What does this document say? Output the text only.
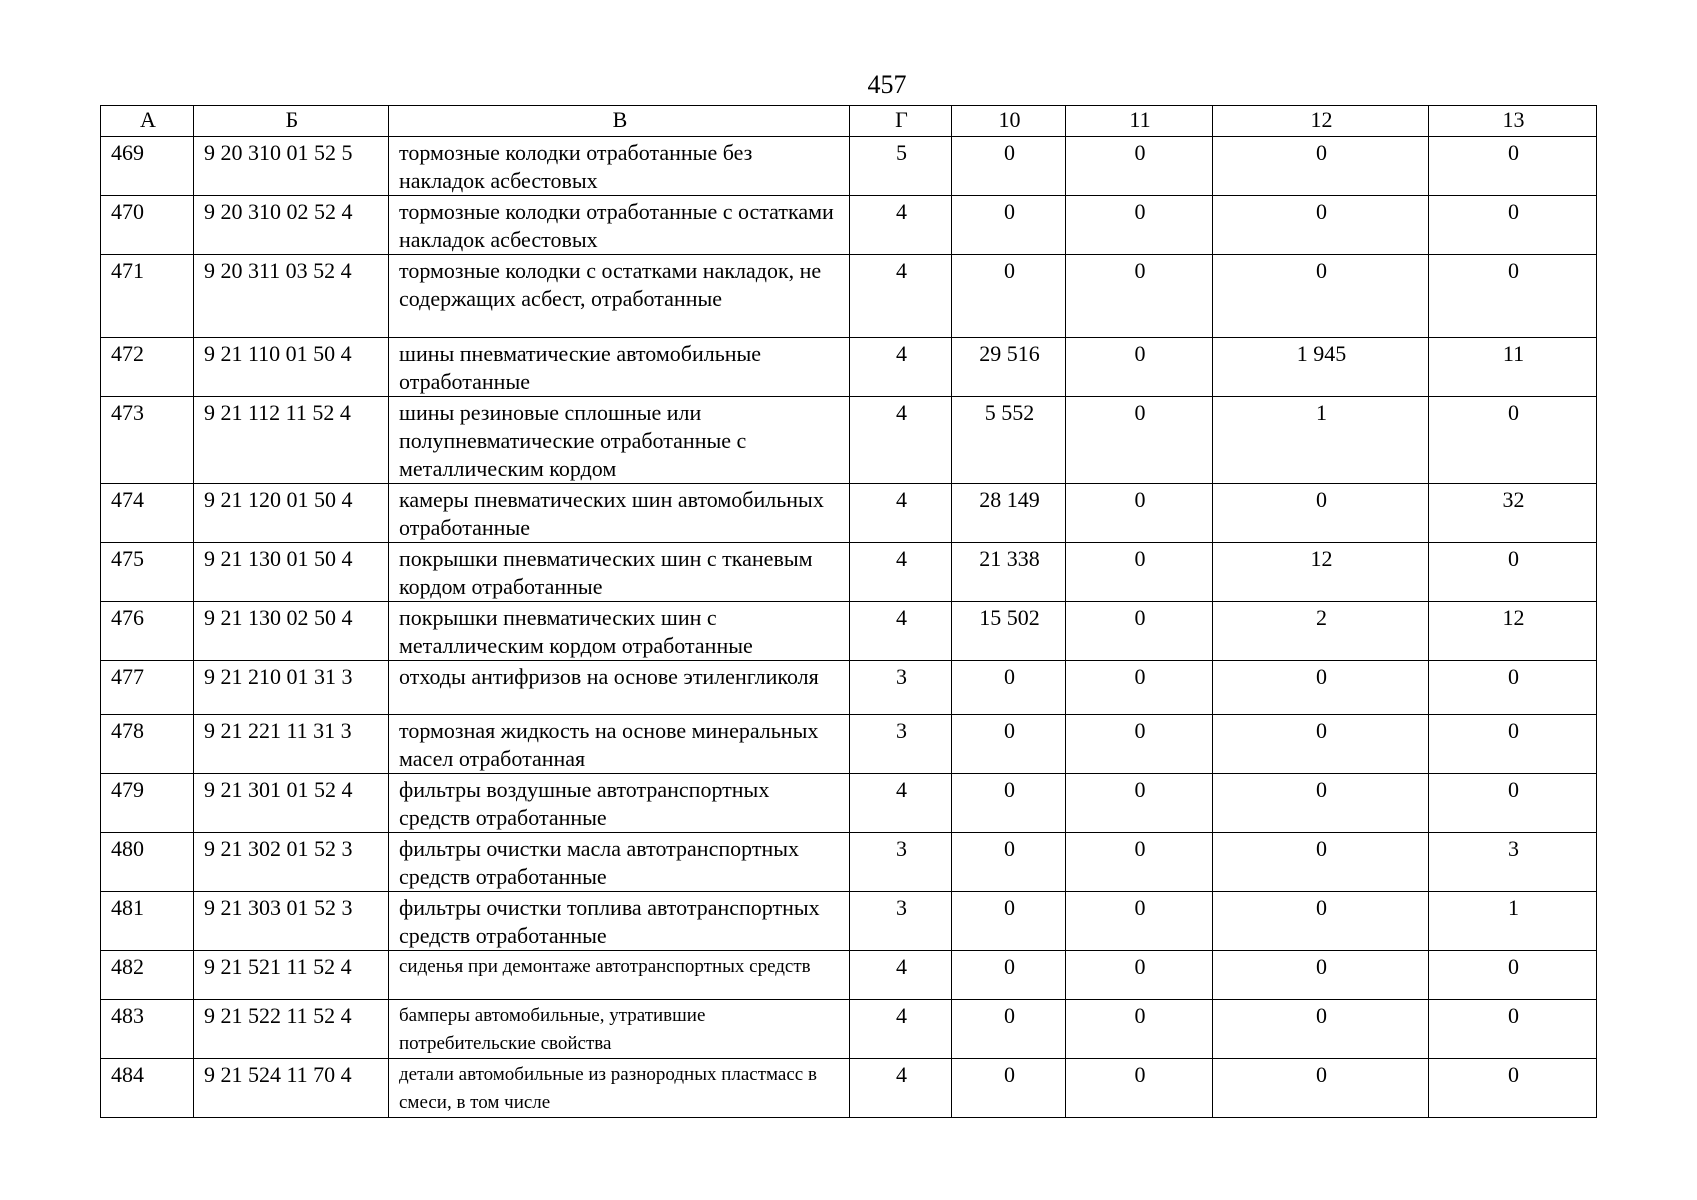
457
А	Б	В	Г	10	11	12	13
469	9 20 310 01 52 5	тормозные колодки отработанные без накладок асбестовых	5	0	0	0	0
470	9 20 310 02 52 4	тормозные колодки отработанные с остатками накладок асбестовых	4	0	0	0	0
471	9 20 311 03 52 4	тормозные колодки с остатками накладок, не содержащих асбест, отработанные	4	0	0	0	0
472	9 21 110 01 50 4	шины пневматические автомобильные отработанные	4	29 516	0	1 945	11
473	9 21 112 11 52 4	шины резиновые сплошные или полупневматические отработанные с металлическим кордом	4	5 552	0	1	0
474	9 21 120 01 50 4	камеры пневматических шин автомобильных отработанные	4	28 149	0	0	32
475	9 21 130 01 50 4	покрышки пневматических шин с тканевым кордом отработанные	4	21 338	0	12	0
476	9 21 130 02 50 4	покрышки пневматических шин с металлическим кордом отработанные	4	15 502	0	2	12
477	9 21 210 01 31 3	отходы антифризов на основе этиленгликоля	3	0	0	0	0
478	9 21 221 11 31 3	тормозная жидкость на основе минеральных масел отработанная	3	0	0	0	0
479	9 21 301 01 52 4	фильтры воздушные автотранспортных средств отработанные	4	0	0	0	0
480	9 21 302 01 52 3	фильтры очистки масла автотранспортных средств отработанные	3	0	0	0	3
481	9 21 303 01 52 3	фильтры очистки топлива автотранспортных средств отработанные	3	0	0	0	1
482	9 21 521 11 52 4	сиденья при демонтаже автотранспортных средств	4	0	0	0	0
483	9 21 522 11 52 4	бамперы автомобильные, утратившие потребительские свойства	4	0	0	0	0
484	9 21 524 11 70 4	детали автомобильные из разнородных пластмасс в смеси, в том числе	4	0	0	0	0
